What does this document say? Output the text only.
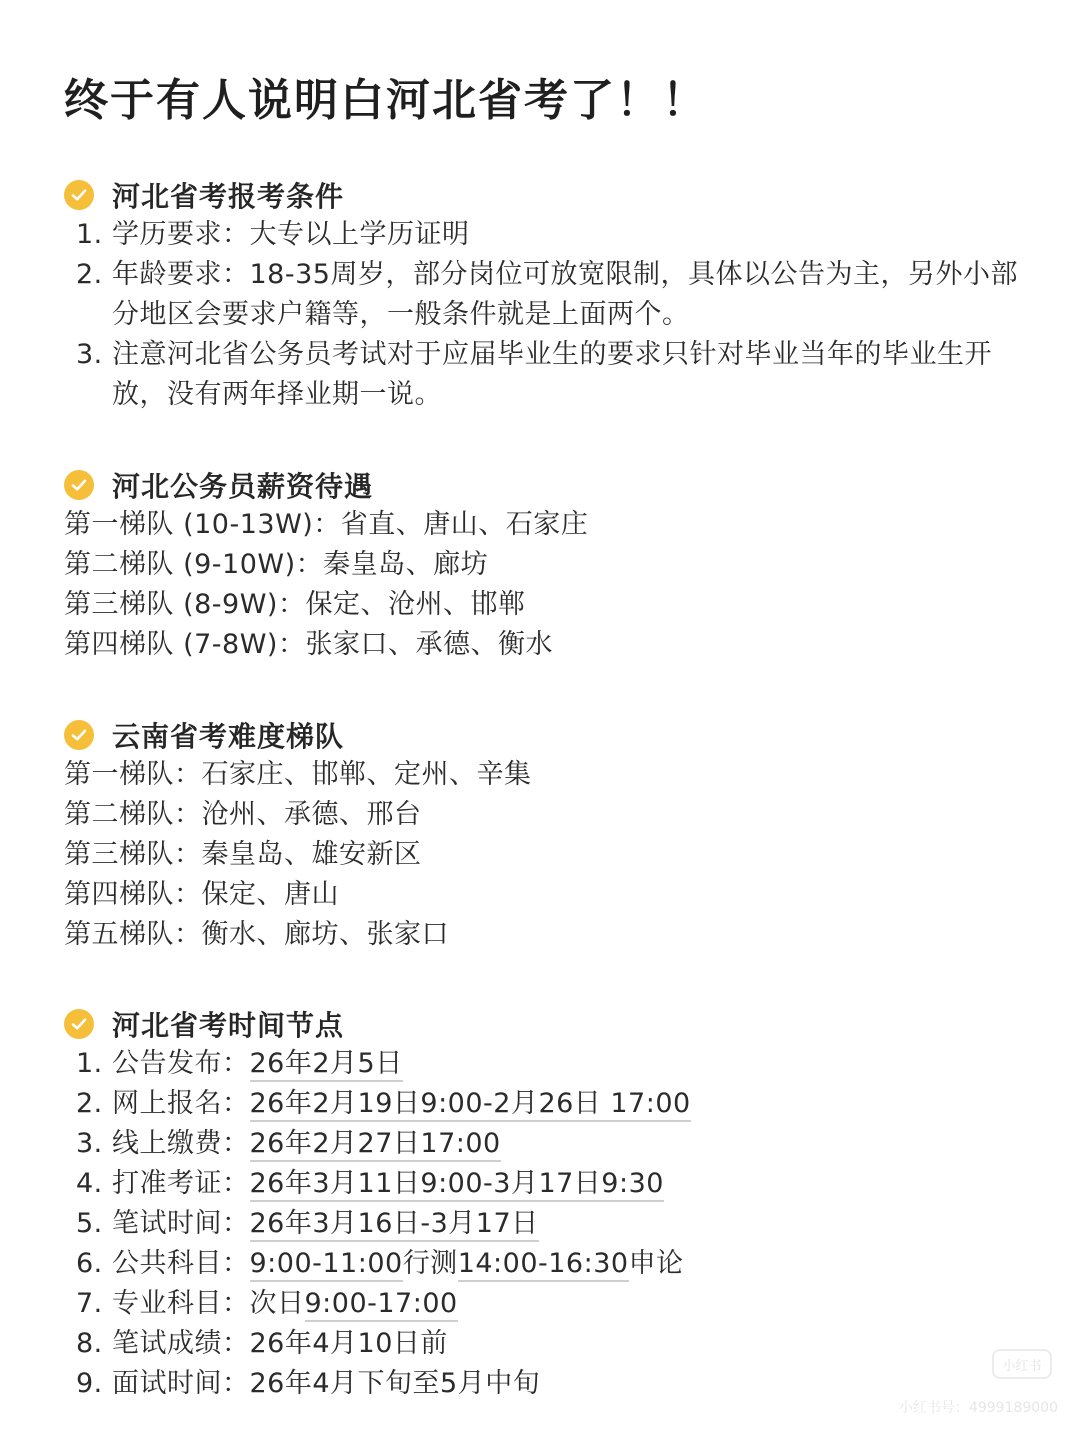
终于有人说明白河北省考了！！
河北省考报考条件
1. 学历要求：大专以上学历证明
2. 年龄要求：18-35周岁，部分岗位可放宽限制，具体以公告为主，另外小部分地区会要求户籍等，一般条件就是上面两个。
3. 注意河北省公务员考试对于应届毕业生的要求只针对毕业当年的毕业生开放，没有两年择业期一说。
河北公务员薪资待遇
第一梯队 (10-13W)：省直、唐山、石家庄
第二梯队 (9-10W)：秦皇岛、廊坊
第三梯队 (8-9W)：保定、沧州、邯郸
第四梯队 (7-8W)：张家口、承德、衡水
云南省考难度梯队
第一梯队：石家庄、邯郸、定州、辛集
第二梯队：沧州、承德、邢台
第三梯队：秦皇岛、雄安新区
第四梯队：保定、唐山
第五梯队：衡水、廊坊、张家口
河北省考时间节点
1. 公告发布：26年2月5日
2. 网上报名：26年2月19日9:00-2月26日 17:00
3. 线上缴费：26年2月27日17:00
4. 打准考证：26年3月11日9:00-3月17日9:30
5. 笔试时间：26年3月16日-3月17日
6. 公共科目：9:00-11:00行测14:00-16:30申论
7. 专业科目：次日9:00-17:00
8. 笔试成绩：26年4月10日前
9. 面试时间：26年4月下旬至5月中旬
小红书
小红书号：4999189000
